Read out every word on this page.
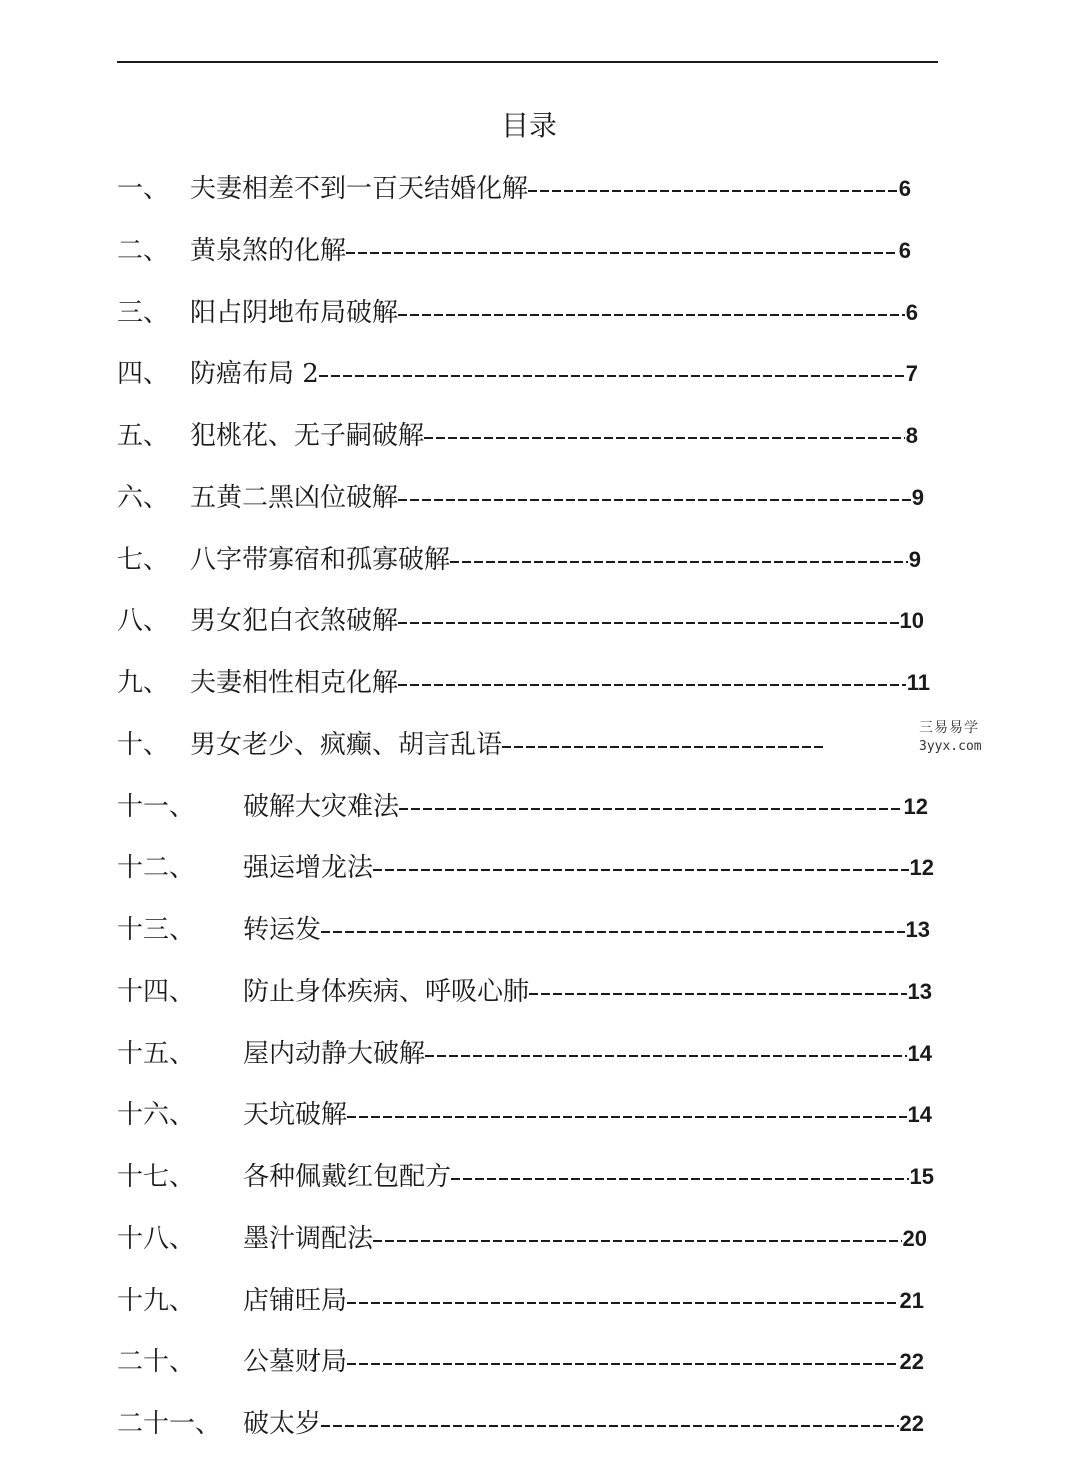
目录
一、 夫妻相差不到一百天结婚化解	6
二、 黄泉煞的化解	6
三、 阳占阴地布局破解	6
四、 防癌布局 2	7
五、 犯桃花、无子嗣破解	8
六、 五黄二黑凶位破解	9
七、 八字带寡宿和孤寡破解	9
八、 男女犯白衣煞破解	10
九、 夫妻相性相克化解	11
十、 男女老少、疯癫、胡言乱语
十一、 破解大灾难法	12
十二、 强运增龙法	12
十三、 转运发	13
十四、 防止身体疾病、呼吸心肺	13
十五、 屋内动静大破解	14
十六、 天坑破解	14
十七、 各种佩戴红包配方	15
十八、 墨汁调配法	20
十九、 店铺旺局	21
二十、 公墓财局	22
二十一、 破太岁	22
三易易学
3yyx.com
